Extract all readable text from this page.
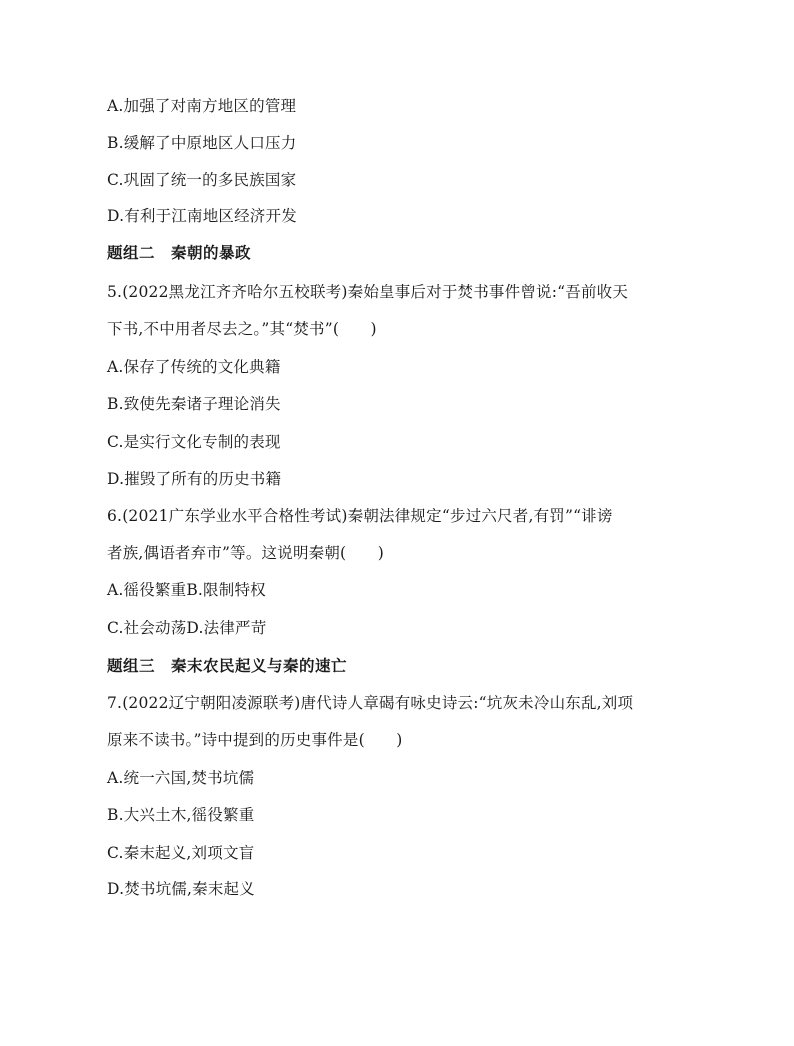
A.加强了对南方地区的管理
B.缓解了中原地区人口压力
C.巩固了统一的多民族国家
D.有利于江南地区经济开发
题组二　秦朝的暴政
5.(2022黑龙江齐齐哈尔五校联考)秦始皇事后对于焚书事件曾说:“吾前收天
下书,不中用者尽去之。”其“焚书”(　　)
A.保存了传统的文化典籍
B.致使先秦诸子理论消失
C.是实行文化专制的表现
D.摧毁了所有的历史书籍
6.(2021广东学业水平合格性考试)秦朝法律规定“步过六尺者,有罚”“诽谤
者族,偶语者弃市”等。这说明秦朝(　　)
A.徭役繁重B.限制特权
C.社会动荡D.法律严苛
题组三　秦末农民起义与秦的速亡
7.(2022辽宁朝阳凌源联考)唐代诗人章碣有咏史诗云:“坑灰未冷山东乱,刘项
原来不读书。”诗中提到的历史事件是(　　)
A.统一六国,焚书坑儒
B.大兴土木,徭役繁重
C.秦末起义,刘项文盲
D.焚书坑儒,秦末起义
